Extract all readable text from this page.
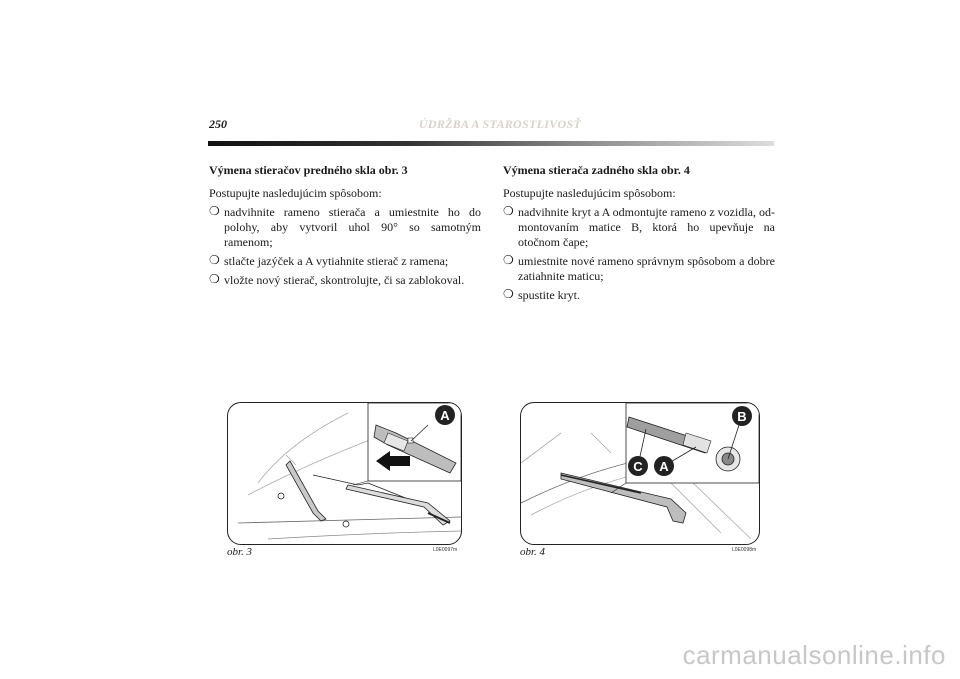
250	ÚDRŽBA A STAROSTLIVOSŤ
Výmena stieračov predného skla obr. 3

Postupujte nasledujúcim spôsobom:

❍ nadvihnite rameno stierača a umiestnite ho do polohy, aby vytvoril uhol 90° so samotným ramenom;
❍ stlačte jazýček a A vytiahnite stierač z ramena;
❍ vložte nový stierač, skontrolujte, či sa zablokoval.
Výmena stierača zadného skla obr. 4

Postupujte nasledujúcim spôsobom:

❍ nadvihnite kryt a A odmontujte rameno z vozidla, od-montovaním matice B, ktorá ho upevňuje na otočnom čape;
❍ umiestnite nové rameno správnym spôsobom a dobre zatiahnite maticu;
❍ spustite kryt.
A
obr. 3	L0E0097m
B
C A
obr. 4	L0E0098m
carmanualsonline.info
